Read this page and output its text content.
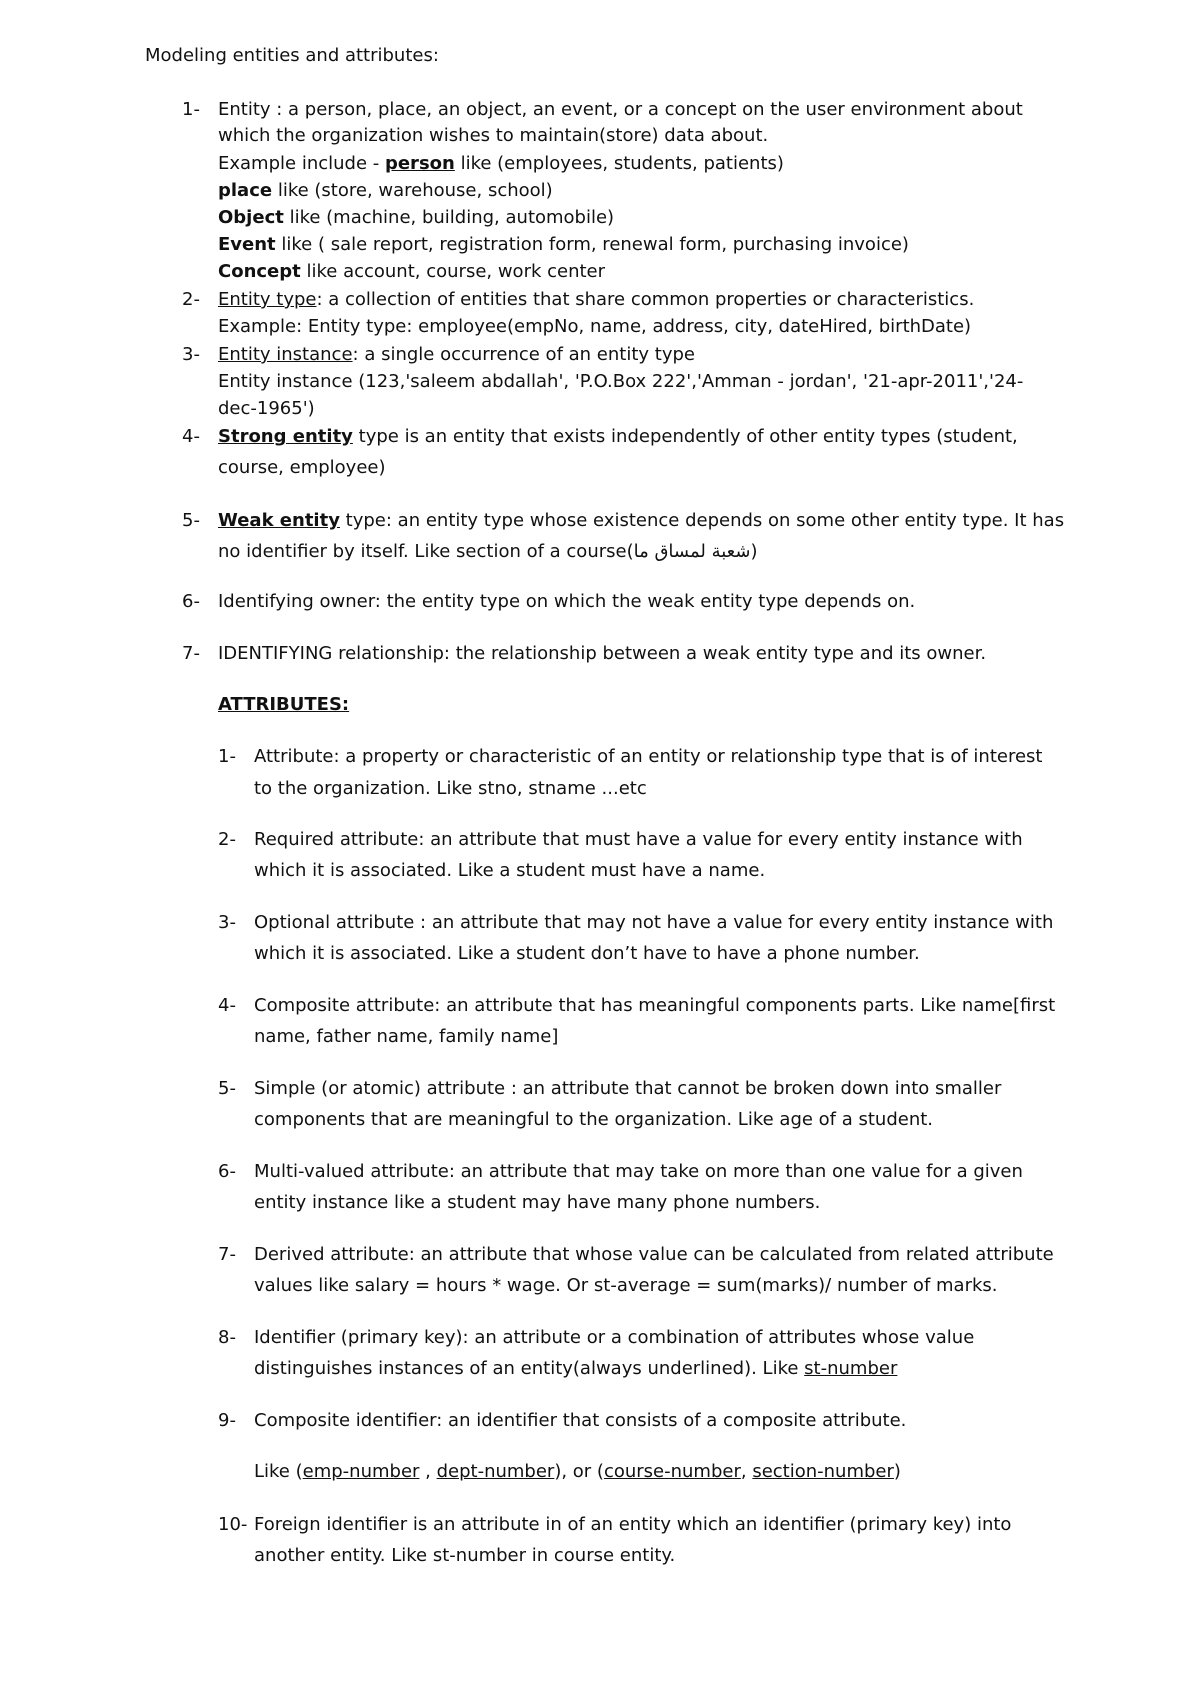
Modeling entities and attributes:
1- Entity : a person, place, an object, an event, or a concept on the user environment about
which the organization wishes to maintain(store) data about.
Example include - person like (employees, students, patients)
place like (store, warehouse, school)
Object like (machine, building, automobile)
Event like ( sale report, registration form, renewal form, purchasing invoice)
Concept like account, course, work center
2- Entity type: a collection of entities that share common properties or characteristics.
Example: Entity type: employee(empNo, name, address, city, dateHired, birthDate)
3- Entity instance: a single occurrence of an entity type
Entity instance (123,'saleem abdallah', 'P.O.Box 222','Amman - jordan', '21-apr-2011','24-
dec-1965')
4- Strong entity type is an entity that exists independently of other entity types (student,
course, employee)
5- Weak entity type: an entity type whose existence depends on some other entity type. It has
no identifier by itself. Like section of a course(شعبة لمساق ما)
6- Identifying owner: the entity type on which the weak entity type depends on.
7- IDENTIFYING relationship: the relationship between a weak entity type and its owner.
ATTRIBUTES:
1- Attribute: a property or characteristic of an entity or relationship type that is of interest
to the organization. Like stno, stname ...etc
2- Required attribute: an attribute that must have a value for every entity instance with
which it is associated. Like a student must have a name.
3- Optional attribute : an attribute that may not have a value for every entity instance with
which it is associated. Like a student don’t have to have a phone number.
4- Composite attribute: an attribute that has meaningful components parts. Like name[first
name, father name, family name]
5- Simple (or atomic) attribute : an attribute that cannot be broken down into smaller
components that are meaningful to the organization. Like age of a student.
6- Multi-valued attribute: an attribute that may take on more than one value for a given
entity instance like a student may have many phone numbers.
7- Derived attribute: an attribute that whose value can be calculated from related attribute
values like salary = hours * wage. Or st-average = sum(marks)/ number of marks.
8- Identifier (primary key): an attribute or a combination of attributes whose value
distinguishes instances of an entity(always underlined). Like st-number
9- Composite identifier: an identifier that consists of a composite attribute.
Like (emp-number , dept-number), or (course-number, section-number)
10- Foreign identifier is an attribute in of an entity which an identifier (primary key) into
another entity. Like st-number in course entity.
